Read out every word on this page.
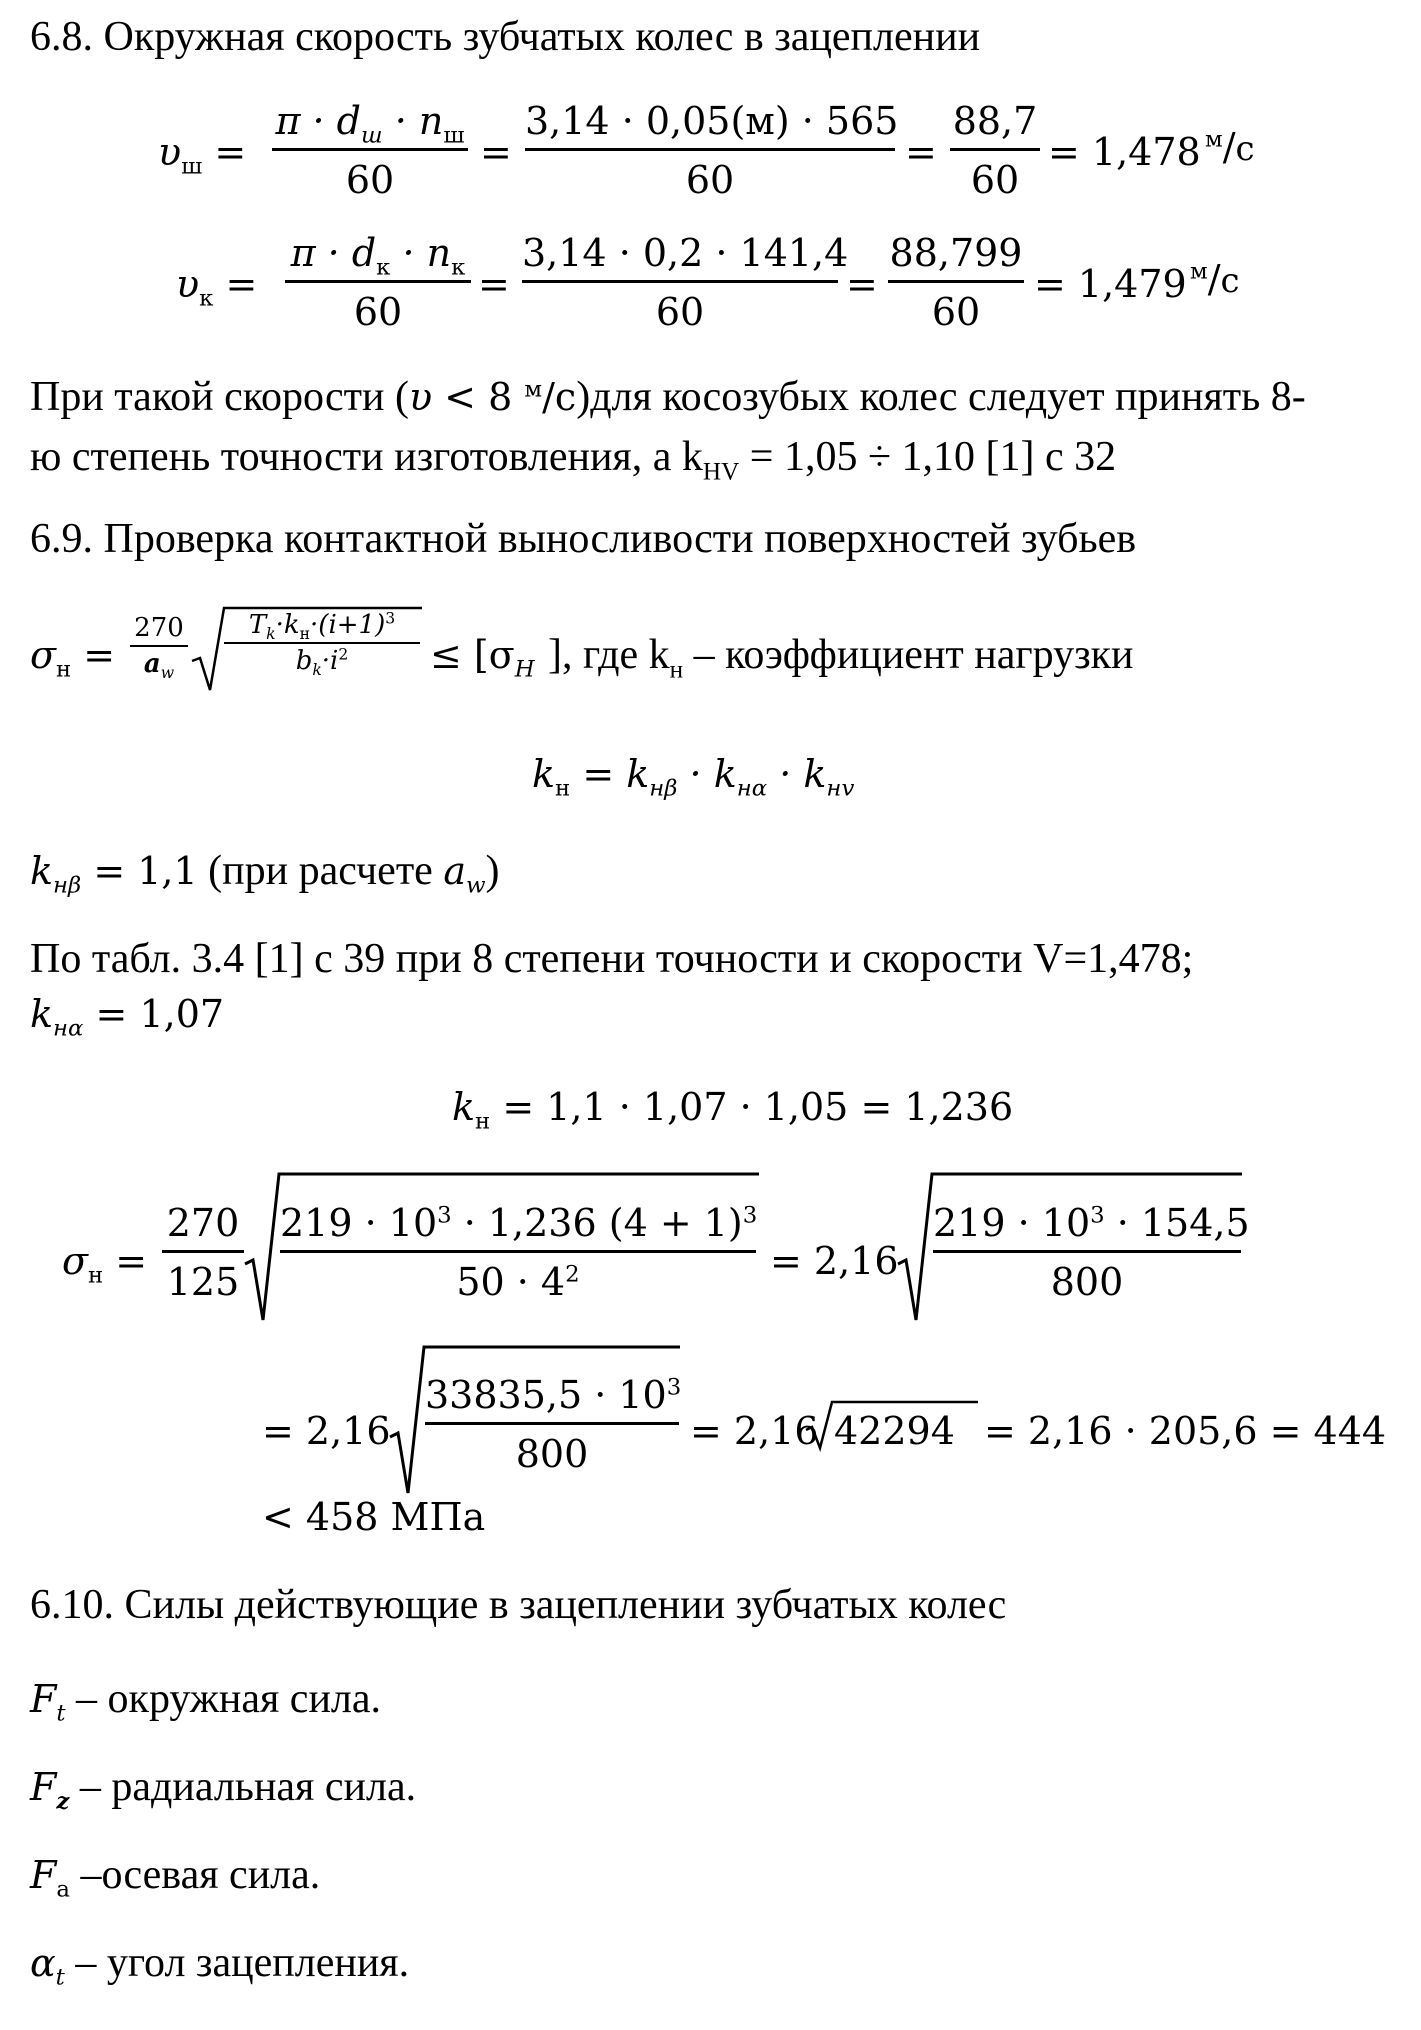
6.8. Окружная скорость зубчатых колес в зацеплении
$\upsilon_ш$ =
$\pi \cdot d_ш \cdot n_ш$
60
=
3,14 · 0,05(м) · 565
60
=
88,7
60
= 1,478 $^м$/с
$\upsilon_к$ =
$\pi \cdot d_к \cdot n_к$
60
=
3,14 · 0,2 · 141,4
60
=
88,799
60
= 1,479 $^м$/с
При такой скорости (υ < 8 $^м$/с)для косозубых колес следует принять 8-
ю степень точности изготовления, а $k_{HV} = 1,05 \div 1,10$ [1] с 32
6.9. Проверка контактной выносливости поверхностей зубьев
$\sigma_н$ =
270
$a_w$
$T_k\cdot k_н\cdot(i+1)^3$
$b_k\cdot i^2$	≤ [$\sigma_H$ ], где $k_н$ – коэффициент нагрузки
$k_н = k_{н\beta} \cdot k_{н\alpha} \cdot k_{нv}$
$k_{н\beta} = 1,1$ (при расчете $a_w$)
По табл. 3.4 [1] с 39 при 8 степени точности и скорости V=1,478;
$k_{н\alpha} = 1,07$
$k_н = 1,1 \cdot 1,07 \cdot 1,05 = 1,236$
$\sigma_н$ =
270
125
$219 \cdot 10^3 \cdot 1,236$ $(4 + 1)^3$
$50 \cdot 4^2$	= 2,16
$219 \cdot 10^3 \cdot 154,5$
800
= 2,16
$33835,5 \cdot 10^3$
800
= 2,16 42294 = 2,16 · 205,6 = 444
< 458 МПа
6.10. Силы действующие в зацеплении зубчатых колес
$F_t$ – окружная сила.
$F_z$ – радиальная сила.
$F_a$ –осевая сила.
$\alpha_t$ – угол зацепления.
